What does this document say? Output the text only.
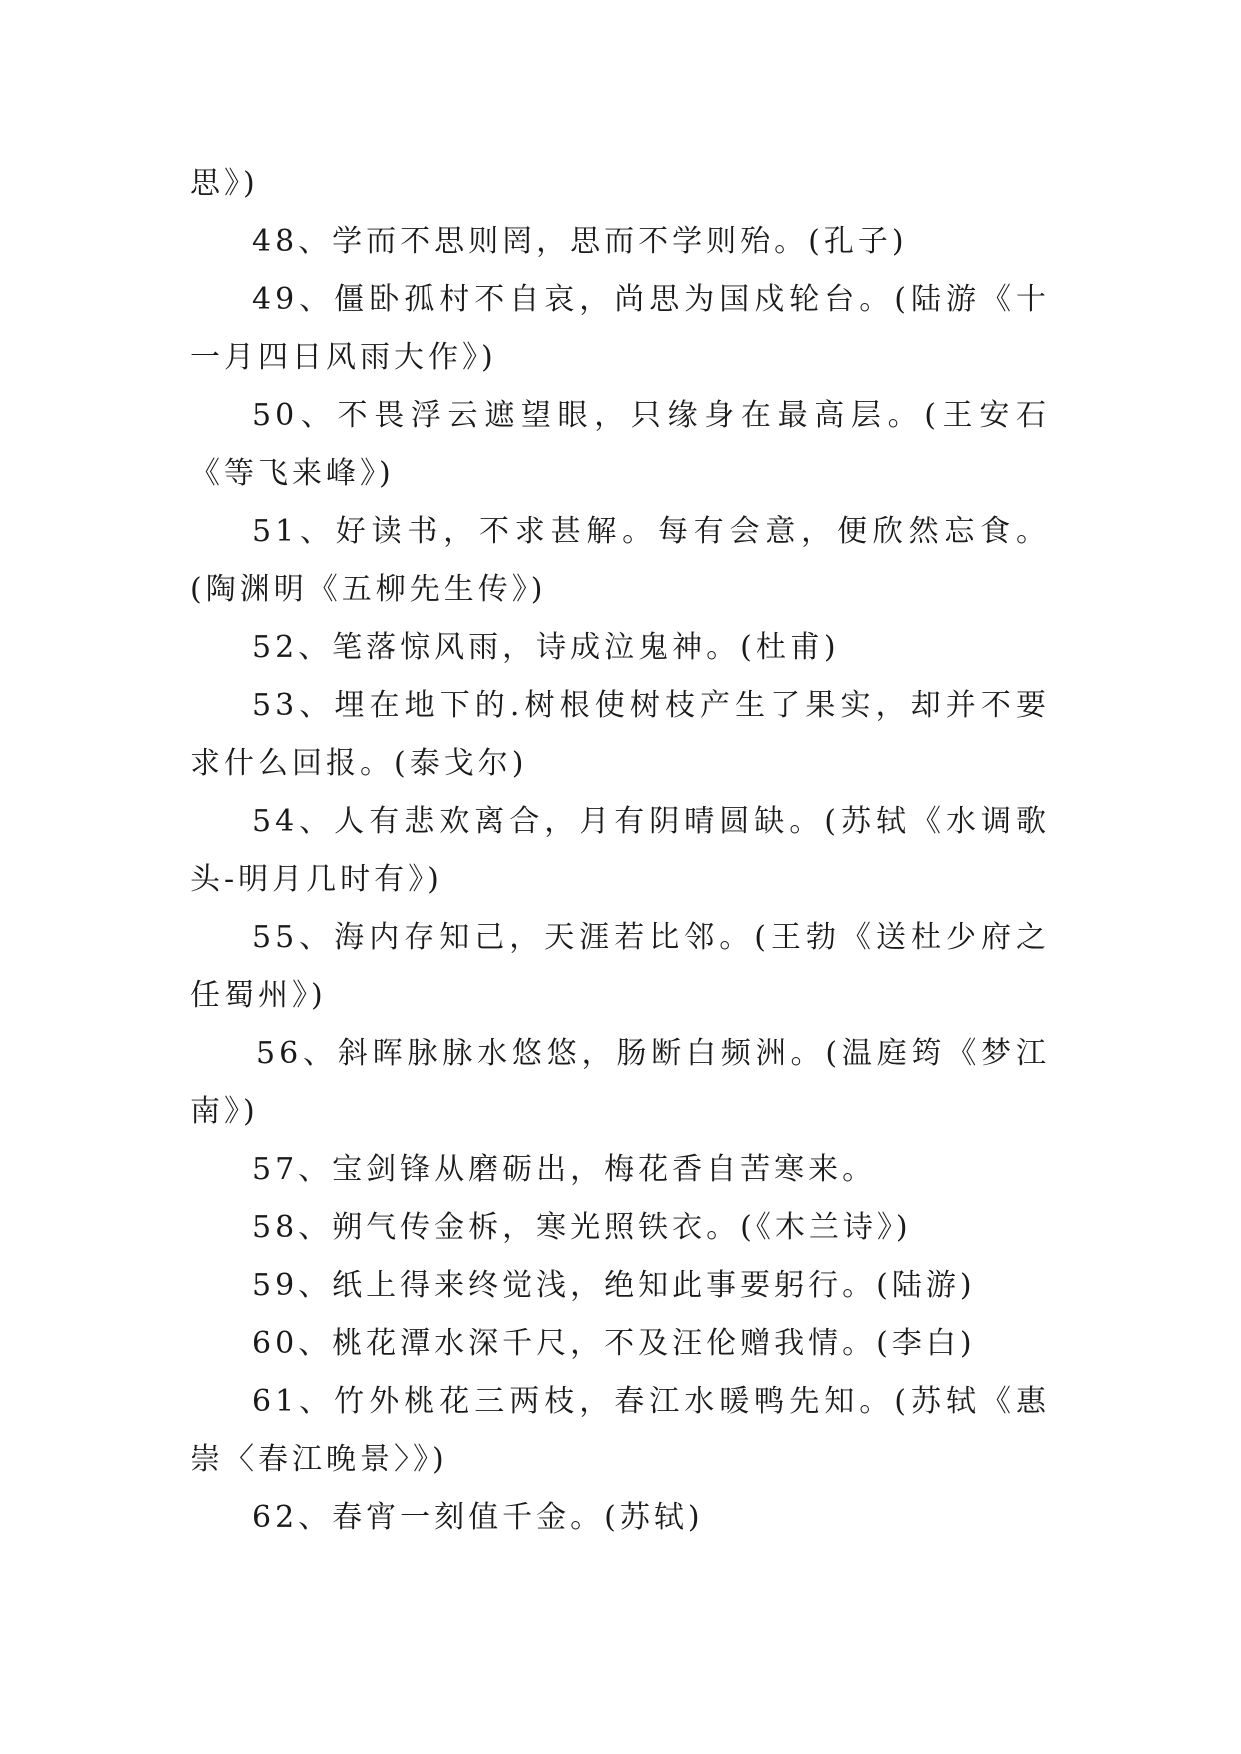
思》)

48、学而不思则罔，思而不学则殆。(孔子)

49、僵卧孤村不自哀，尚思为国戍轮台。(陆游《十一月四日风雨大作》)

50、不畏浮云遮望眼，只缘身在最高层。(王安石《等飞来峰》)

51、好读书，不求甚解。每有会意，便欣然忘食。(陶渊明《五柳先生传》)

52、笔落惊风雨，诗成泣鬼神。(杜甫)

53、埋在地下的.树根使树枝产生了果实，却并不要求什么回报。(泰戈尔)

54、人有悲欢离合，月有阴晴圆缺。(苏轼《水调歌头-明月几时有》)

55、海内存知己，天涯若比邻。(王勃《送杜少府之任蜀州》)

56、斜晖脉脉水悠悠，肠断白频洲。(温庭筠《梦江南》)

57、宝剑锋从磨砺出，梅花香自苦寒来。

58、朔气传金柝，寒光照铁衣。(《木兰诗》)

59、纸上得来终觉浅，绝知此事要躬行。(陆游)

60、桃花潭水深千尺，不及汪伦赠我情。(李白)

61、竹外桃花三两枝，春江水暖鸭先知。(苏轼《惠崇〈春江晚景〉》)

62、春宵一刻值千金。(苏轼)
